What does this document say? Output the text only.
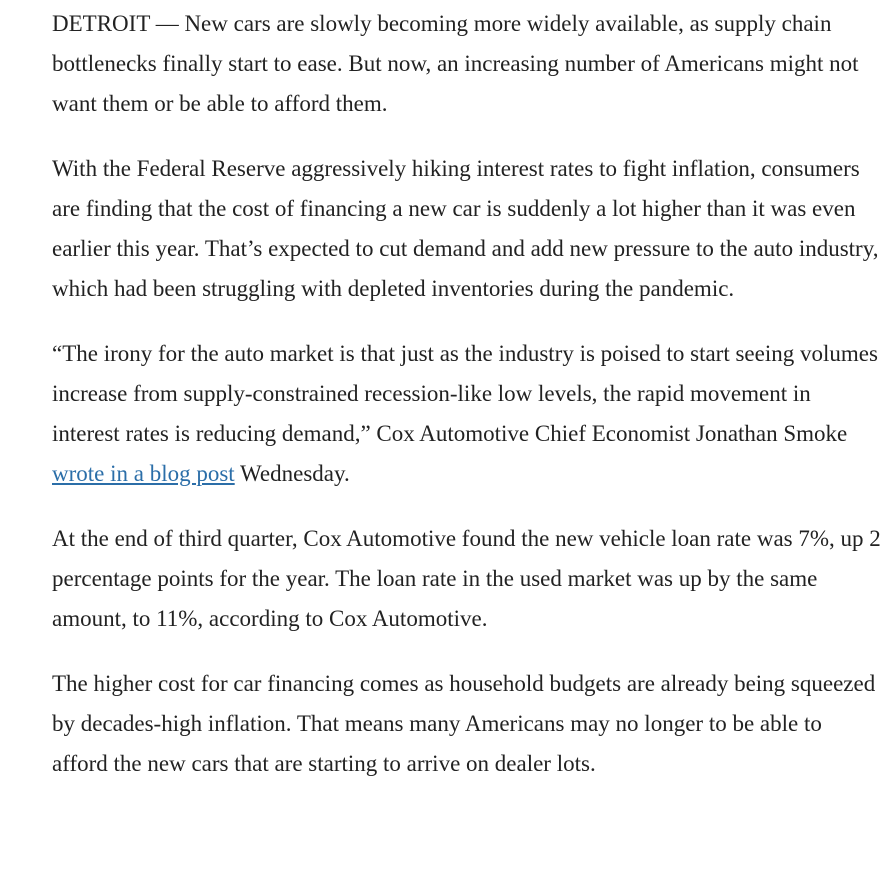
DETROIT — New cars are slowly becoming more widely available, as supply chain bottlenecks finally start to ease. But now, an increasing number of Americans might not want them or be able to afford them.

With the Federal Reserve aggressively hiking interest rates to fight inflation, consumers are finding that the cost of financing a new car is suddenly a lot higher than it was even earlier this year. That’s expected to cut demand and add new pressure to the auto industry, which had been struggling with depleted inventories during the pandemic.

“The irony for the auto market is that just as the industry is poised to start seeing volumes increase from supply-constrained recession-like low levels, the rapid movement in interest rates is reducing demand,” Cox Automotive Chief Economist Jonathan Smoke wrote in a blog post Wednesday.

At the end of third quarter, Cox Automotive found the new vehicle loan rate was 7%, up 2 percentage points for the year. The loan rate in the used market was up by the same amount, to 11%, according to Cox Automotive.

The higher cost for car financing comes as household budgets are already being squeezed by decades-high inflation. That means many Americans may no longer to be able to afford the new cars that are starting to arrive on dealer lots.
